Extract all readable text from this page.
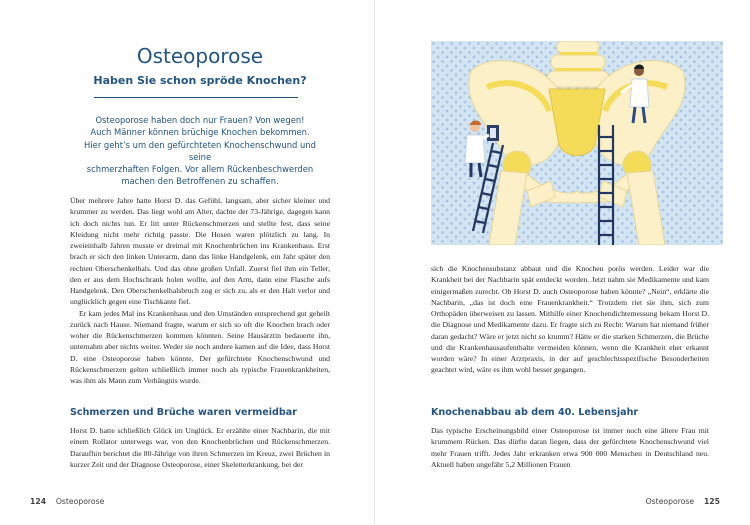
Osteoporose
Haben Sie schon spröde Knochen?
Osteoporose haben doch nur Frauen? Von wegen!
Auch Männer können brüchige Knochen bekommen.
Hier geht’s um den gefürchteten Knochenschwund und seine
schmerzhaften Folgen. Vor allem Rückenbeschwerden
machen den Betroffenen zu schaffen.

Über mehrere Jahre hatte Horst D. das Gefühl, langsam, aber sicher kleiner und krummer zu werden. Das liegt wohl am Alter, dachte der 73-Jährige, dagegen kann ich doch nichts tun. Er litt unter Rückenschmerzen und stellte fest, dass seine Kleidung nicht mehr richtig passte. Die Hosen waren plötzlich zu lang. In zweieinhalb Jahren musste er dreimal mit Knochenbrüchen ins Krankenhaus. Erst brach er sich den linken Unterarm, dann das linke Handgelenk, ein Jahr später den rechten Oberschenkelhals. Und das ohne großen Unfall. Zuerst fiel ihm ein Teller, den er aus dem Hochschrank holen wollte, auf den Arm, dann eine Flasche aufs Handgelenk. Den Oberschenkelhalsbruch zog er sich zu, als er den Halt verlor und unglücklich gegen eine Tischkante fiel.

Er kam jedes Mal ins Krankenhaus und den Umständen entsprechend gut geheilt zurück nach Hause. Niemand fragte, warum er sich so oft die Knochen brach oder woher die Rückenschmerzen kommen könnten. Seine Hausärztin bedauerte ihn, unternahm aber nichts weiter. Weder sie noch andere kamen auf die Idee, dass Horst D. eine Osteoporose haben könnte. Der gefürchtete Knochenschwund und Rückenschmerzen gelten schließlich immer noch als typische Frauenkrankheiten, was ihm als Mann zum Verhängnis wurde.

Schmerzen und Brüche waren vermeidbar

Horst D. hatte schließlich Glück im Unglück. Er erzählte einer Nachbarin, die mit einem Rollator unterwegs war, von den Knochenbrüchen und Rückenschmerzen. Daraufhin berichtet die 80-Jährige von ihren Schmerzen im Kreuz, zwei Brüchen in kurzer Zeit und der Diagnose Osteoporose, einer Skeletterkrankung, bei der

124 Osteoporose

sich die Knochensubstanz abbaut und die Knochen porös werden. Leider war die Krankheit bei der Nachbarin spät entdeckt worden. Jetzt nahm sie Medikamente und kam einigermaßen zurecht. Ob Horst D. auch Osteoporose haben könnte? „Nein“, erklärte die Nachbarin, „das ist doch eine Frauenkrankheit.“ Trotzdem riet sie ihm, sich zum Orthopäden überweisen zu lassen. Mithilfe einer Knochendichtemessung bekam Horst D. die Diagnose und Medikamente dazu. Er fragte sich zu Recht: Warum hat niemand früher daran gedacht? Wäre er jetzt nicht so krumm? Hätte er die starken Schmerzen, die Brüche und die Krankenhausaufenthalte vermeiden können, wenn die Krankheit eher erkannt worden wäre? In einer Arztpraxis, in der auf geschlechtsspezifische Besonderheiten geachtet wird, wäre es ihm wohl besser gegangen.

Knochenabbau ab dem 40. Lebensjahr

Das typische Erscheinungsbild einer Osteoporose ist immer noch eine ältere Frau mit krummem Rücken. Das dürfte daran liegen, dass der gefürchtete Knochenschwund viel mehr Frauen trifft. Jedes Jahr erkranken etwa 900 000 Menschen in Deutschland neu. Aktuell haben ungefähr 5,2 Millionen Frauen

Osteoporose 125
